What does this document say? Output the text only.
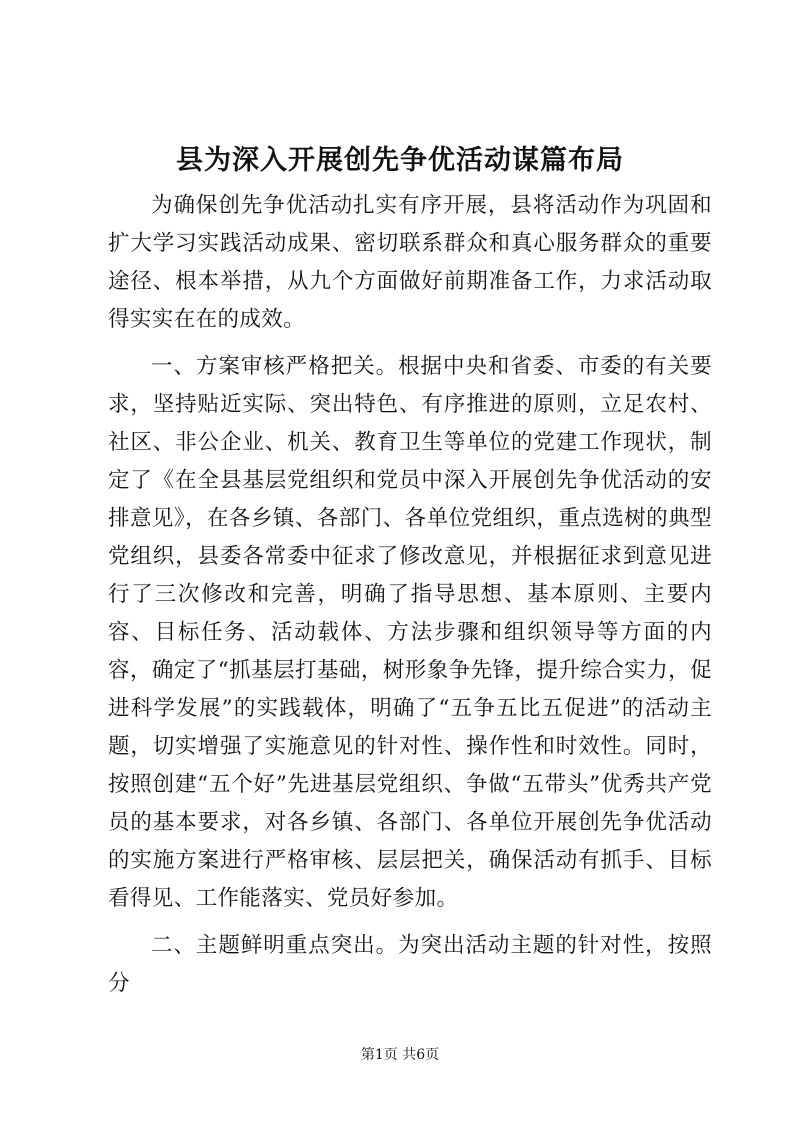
县为深入开展创先争优活动谋篇布局

为确保创先争优活动扎实有序开展，县将活动作为巩固和扩大学习实践活动成果、密切联系群众和真心服务群众的重要途径、根本举措，从九个方面做好前期准备工作，力求活动取得实实在在的成效。

一、方案审核严格把关。根据中央和省委、市委的有关要求，坚持贴近实际、突出特色、有序推进的原则，立足农村、社区、非公企业、机关、教育卫生等单位的党建工作现状，制定了《在全县基层党组织和党员中深入开展创先争优活动的安排意见》，在各乡镇、各部门、各单位党组织，重点选树的典型党组织，县委各常委中征求了修改意见，并根据征求到意见进行了三次修改和完善，明确了指导思想、基本原则、主要内容、目标任务、活动载体、方法步骤和组织领导等方面的内容，确定了“抓基层打基础，树形象争先锋，提升综合实力，促进科学发展”的实践载体，明确了“五争五比五促进”的活动主题，切实增强了实施意见的针对性、操作性和时效性。同时，按照创建“五个好”先进基层党组织、争做“五带头”优秀共产党员的基本要求，对各乡镇、各部门、各单位开展创先争优活动的实施方案进行严格审核、层层把关，确保活动有抓手、目标看得见、工作能落实、党员好参加。

二、主题鲜明重点突出。为突出活动主题的针对性，按照分

第1页 共6页
